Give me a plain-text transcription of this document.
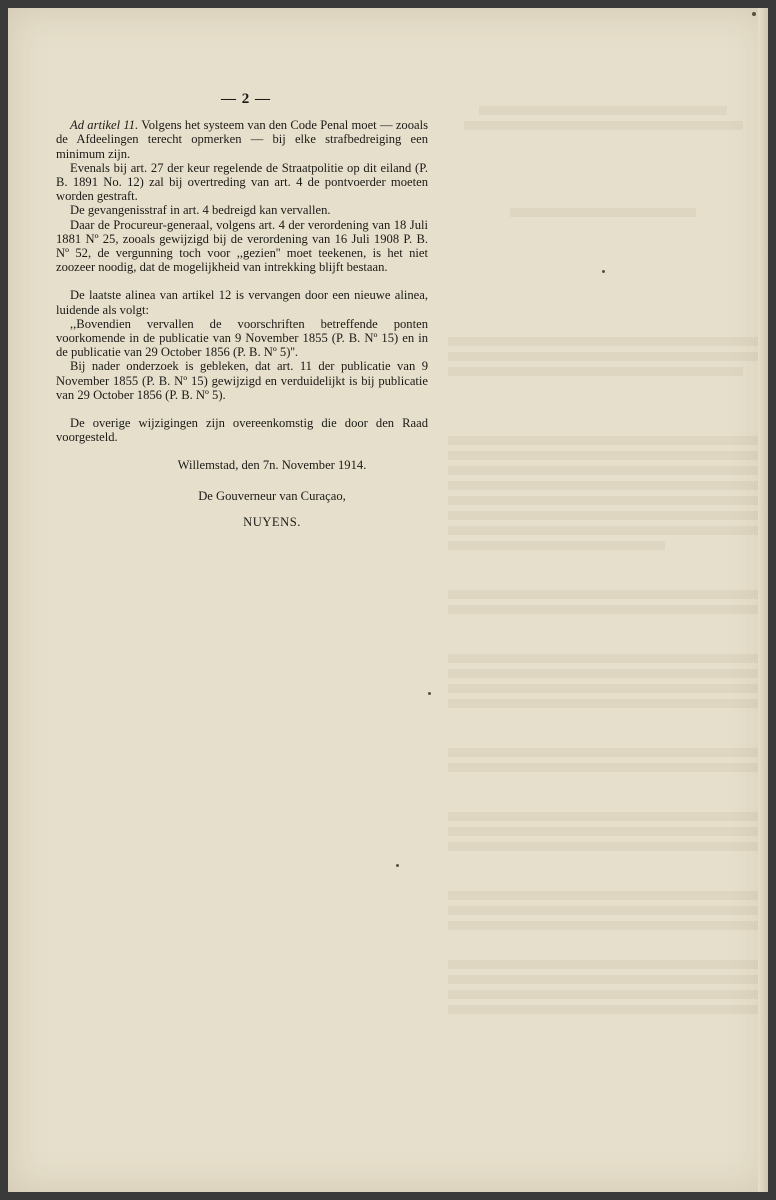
— 2 —

Ad artikel 11. Volgens het systeem van den Code Penal moet — zooals de Afdeelingen terecht opmerken — bij elke strafbedreiging een minimum zijn.

Evenals bij art. 27 der keur regelende de Straatpolitie op dit eiland (P. B. 1891 No. 12) zal bij overtreding van art. 4 de pontvoerder moeten worden gestraft.

De gevangenisstraf in art. 4 bedreigd kan vervallen.

Daar de Procureur-generaal, volgens art. 4 der verordening van 18 Juli 1881 Nº 25, zooals gewijzigd bij de verordening van 16 Juli 1908 P. B. Nº 52, de vergunning toch voor ,,gezien'' moet teekenen, is het niet zoozeer noodig, dat de mogelijkheid van intrekking blijft bestaan.

De laatste alinea van artikel 12 is vervangen door een nieuwe alinea, luidende als volgt:

,,Bovendien vervallen de voorschriften betreffende ponten voorkomende in de publicatie van 9 November 1855 (P. B. Nº 15) en in de publicatie van 29 October 1856 (P. B. Nº 5)''.

Bij nader onderzoek is gebleken, dat art. 11 der publicatie van 9 November 1855 (P. B. Nº 15) gewijzigd en verduidelijkt is bij publicatie van 29 October 1856 (P. B. Nº 5).

De overige wijzigingen zijn overeenkomstig die door den Raad voorgesteld.

Willemstad, den 7n. November 1914.
De Gouverneur van Curaçao,
NUYENS.
